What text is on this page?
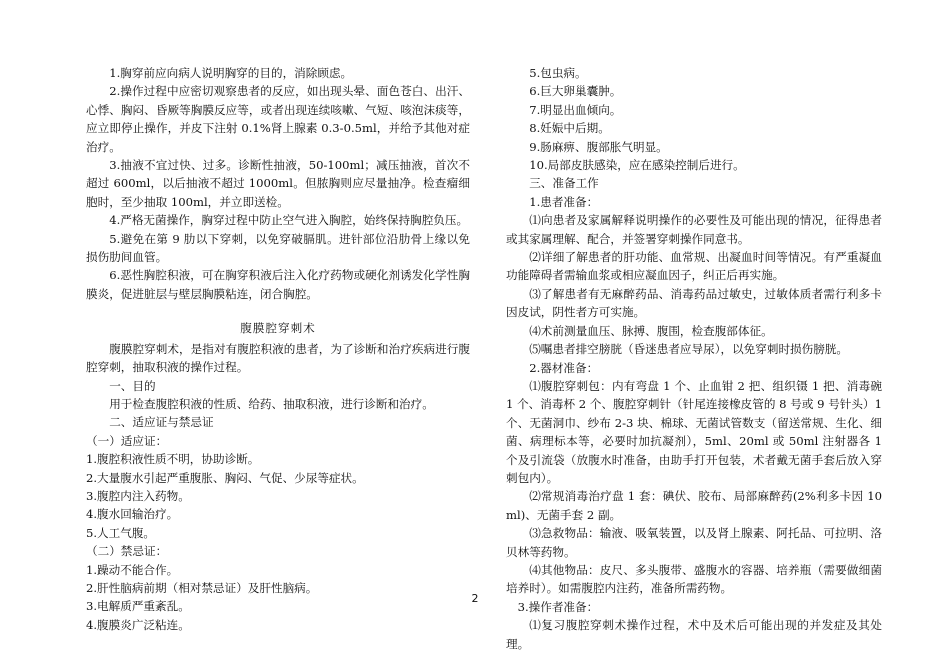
1.胸穿前应向病人说明胸穿的目的，消除顾虑。

2.操作过程中应密切观察患者的反应，如出现头晕、面色苍白、出汗、心悸、胸闷、昏厥等胸膜反应等，或者出现连续咳嗽、气短、咳泡沫痰等，应立即停止操作，并皮下注射 0.1%肾上腺素 0.3-0.5ml，并给予其他对症治疗。

3.抽液不宜过快、过多。诊断性抽液，50-100ml；减压抽液，首次不超过 600ml，以后抽液不超过 1000ml。但脓胸则应尽量抽净。检查瘤细胞时，至少抽取 100ml，并立即送检。

4.严格无菌操作，胸穿过程中防止空气进入胸腔，始终保持胸腔负压。

5.避免在第 9 肋以下穿刺，以免穿破膈肌。进针部位沿肋骨上缘以免损伤肋间血管。

6.恶性胸腔积液，可在胸穿积液后注入化疗药物或硬化剂诱发化学性胸膜炎，促进脏层与壁层胸膜粘连，闭合胸腔。

腹膜腔穿刺术

腹膜腔穿刺术，是指对有腹腔积液的患者，为了诊断和治疗疾病进行腹腔穿刺，抽取积液的操作过程。

一、目的

用于检查腹腔积液的性质、给药、抽取积液，进行诊断和治疗。

二、适应证与禁忌证

（一）适应证：

1.腹腔积液性质不明，协助诊断。

2.大量腹水引起严重腹胀、胸闷、气促、少尿等症状。

3.腹腔内注入药物。

4.腹水回输治疗。

5.人工气腹。

（二）禁忌证：

1.躁动不能合作。

2.肝性脑病前期（相对禁忌证）及肝性脑病。

3.电解质严重紊乱。

4.腹膜炎广泛粘连。

5.包虫病。

6.巨大卵巢囊肿。

7.明显出血倾向。

8.妊娠中后期。

9.肠麻痹、腹部胀气明显。

10.局部皮肤感染，应在感染控制后进行。

三、准备工作

1.患者准备：

⑴向患者及家属解释说明操作的必要性及可能出现的情况，征得患者或其家属理解、配合，并签署穿刺操作同意书。

⑵详细了解患者的肝功能、血常规、出凝血时间等情况。有严重凝血功能障碍者需输血浆或相应凝血因子，纠正后再实施。

⑶了解患者有无麻醉药品、消毒药品过敏史，过敏体质者需行利多卡因皮试，阴性者方可实施。

⑷术前测量血压、脉搏、腹围，检查腹部体征。

⑸嘱患者排空膀胱（昏迷患者应导尿），以免穿刺时损伤膀胱。

2.器材准备：

⑴腹腔穿刺包：内有弯盘 1 个、止血钳 2 把、组织镊 1 把、消毒碗 1 个、消毒杯 2 个、腹腔穿刺针（针尾连接橡皮管的 8 号或 9 号针头）1 个、无菌洞巾、纱布 2-3 块、棉球、无菌试管数支（留送常规、生化、细菌、病理标本等，必要时加抗凝剂），5ml、20ml 或 50ml 注射器各 1 个及引流袋（放腹水时准备，由助手打开包装，术者戴无菌手套后放入穿刺包内）。

⑵常规消毒治疗盘 1 套：碘伏、胶布、局部麻醉药(2%利多卡因 10ml)、无菌手套 2 副。

⑶急救物品：输液、吸氧装置，以及肾上腺素、阿托品、可拉明、洛贝林等药物。

⑷其他物品：皮尺、多头腹带、盛腹水的容器、培养瓶（需要做细菌培养时）。如需腹腔内注药，准备所需药物。

3.操作者准备：

⑴复习腹腔穿刺术操作过程，术中及术后可能出现的并发症及其处理。

2
